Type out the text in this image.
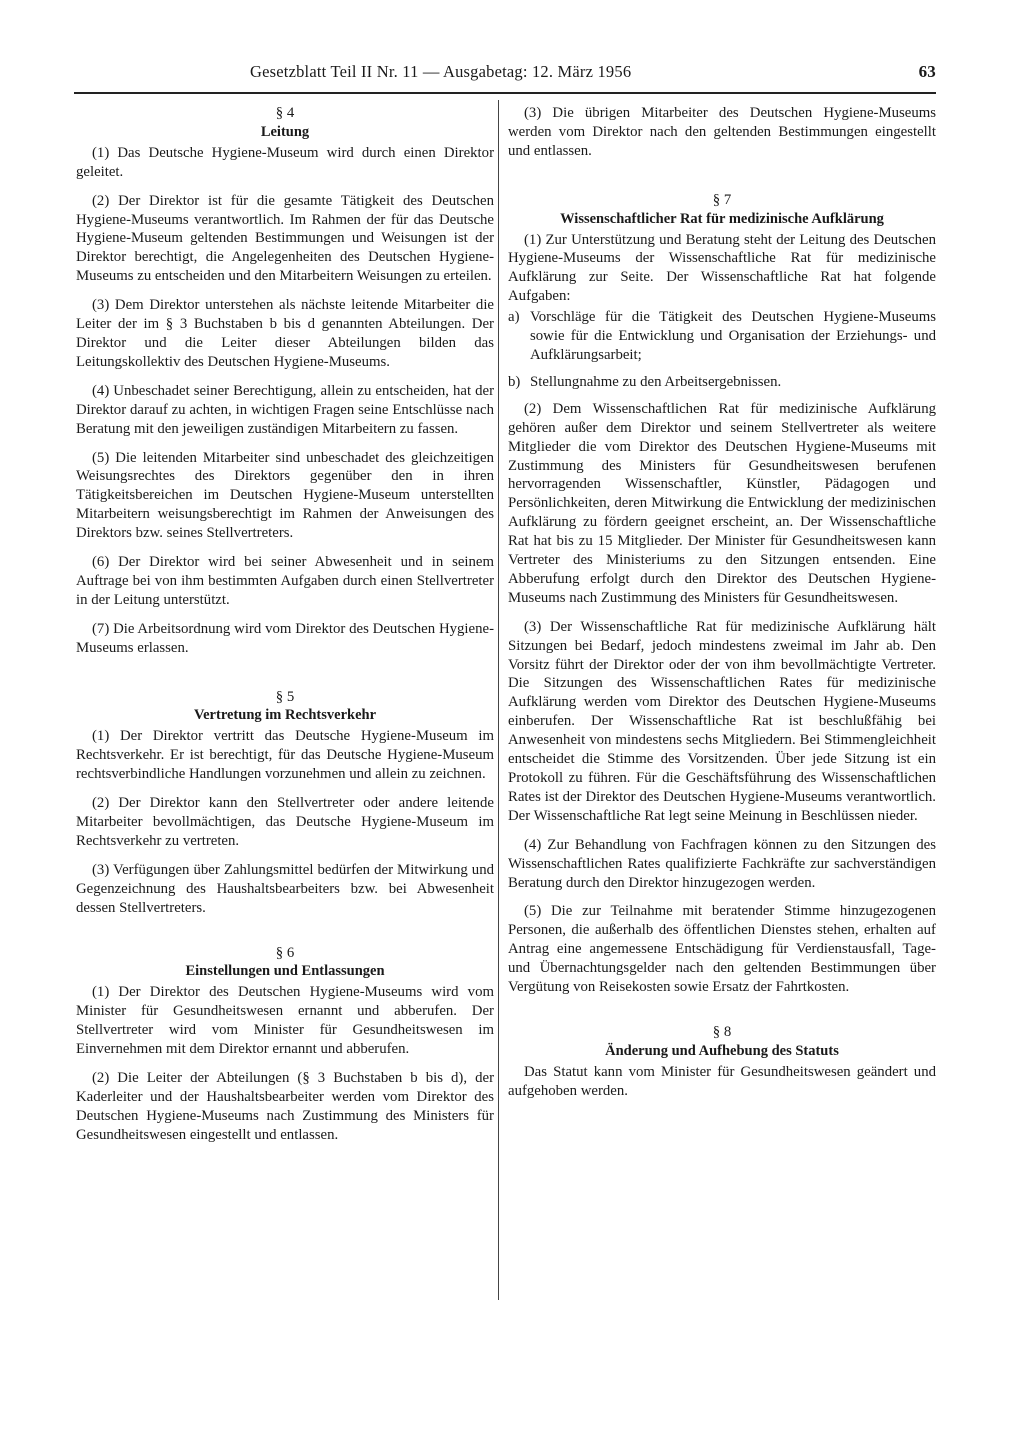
Gesetzblatt Teil II Nr. 11 — Ausgabetag: 12. März 1956	63

§ 4

Leitung

(1) Das Deutsche Hygiene-Museum wird durch einen Direktor geleitet.

(2) Der Direktor ist für die gesamte Tätigkeit des Deutschen Hygiene-Museums verantwortlich. Im Rahmen der für das Deutsche Hygiene-Museum geltenden Bestimmungen und Weisungen ist der Direktor berechtigt, die Angelegenheiten des Deutschen Hygiene-Museums zu entscheiden und den Mitarbeitern Weisungen zu erteilen.

(3) Dem Direktor unterstehen als nächste leitende Mitarbeiter die Leiter der im § 3 Buchstaben b bis d genannten Abteilungen. Der Direktor und die Leiter dieser Abteilungen bilden das Leitungskollektiv des Deutschen Hygiene-Museums.

(4) Unbeschadet seiner Berechtigung, allein zu entscheiden, hat der Direktor darauf zu achten, in wichtigen Fragen seine Entschlüsse nach Beratung mit den jeweiligen zuständigen Mitarbeitern zu fassen.

(5) Die leitenden Mitarbeiter sind unbeschadet des gleichzeitigen Weisungsrechtes des Direktors gegenüber den in ihren Tätigkeitsbereichen im Deutschen Hygiene-Museum unterstellten Mitarbeitern weisungsberechtigt im Rahmen der Anweisungen des Direktors bzw. seines Stellvertreters.

(6) Der Direktor wird bei seiner Abwesenheit und in seinem Auftrage bei von ihm bestimmten Aufgaben durch einen Stellvertreter in der Leitung unterstützt.

(7) Die Arbeitsordnung wird vom Direktor des Deutschen Hygiene-Museums erlassen.

§ 5

Vertretung im Rechtsverkehr

(1) Der Direktor vertritt das Deutsche Hygiene-Museum im Rechtsverkehr. Er ist berechtigt, für das Deutsche Hygiene-Museum rechtsverbindliche Handlungen vorzunehmen und allein zu zeichnen.

(2) Der Direktor kann den Stellvertreter oder andere leitende Mitarbeiter bevollmächtigen, das Deutsche Hygiene-Museum im Rechtsverkehr zu vertreten.

(3) Verfügungen über Zahlungsmittel bedürfen der Mitwirkung und Gegenzeichnung des Haushaltsbearbeiters bzw. bei Abwesenheit dessen Stellvertreters.

§ 6

Einstellungen und Entlassungen

(1) Der Direktor des Deutschen Hygiene-Museums wird vom Minister für Gesundheitswesen ernannt und abberufen. Der Stellvertreter wird vom Minister für Gesundheitswesen im Einvernehmen mit dem Direktor ernannt und abberufen.

(2) Die Leiter der Abteilungen (§ 3 Buchstaben b bis d), der Kaderleiter und der Haushaltsbearbeiter werden vom Direktor des Deutschen Hygiene-Museums nach Zustimmung des Ministers für Gesundheitswesen eingestellt und entlassen.

(3) Die übrigen Mitarbeiter des Deutschen Hygiene-Museums werden vom Direktor nach den geltenden Bestimmungen eingestellt und entlassen.

§ 7

Wissenschaftlicher Rat für medizinische Aufklärung

(1) Zur Unterstützung und Beratung steht der Leitung des Deutschen Hygiene-Museums der Wissenschaftliche Rat für medizinische Aufklärung zur Seite. Der Wissenschaftliche Rat hat folgende Aufgaben:

a) Vorschläge für die Tätigkeit des Deutschen Hygiene-Museums sowie für die Entwicklung und Organisation der Erziehungs- und Aufklärungsarbeit;
b) Stellungnahme zu den Arbeitsergebnissen.

(2) Dem Wissenschaftlichen Rat für medizinische Aufklärung gehören außer dem Direktor und seinem Stellvertreter als weitere Mitglieder die vom Direktor des Deutschen Hygiene-Museums mit Zustimmung des Ministers für Gesundheitswesen berufenen hervorragenden Wissenschaftler, Künstler, Pädagogen und Persönlichkeiten, deren Mitwirkung die Entwicklung der medizinischen Aufklärung zu fördern geeignet erscheint, an. Der Wissenschaftliche Rat hat bis zu 15 Mitglieder. Der Minister für Gesundheitswesen kann Vertreter des Ministeriums zu den Sitzungen entsenden. Eine Abberufung erfolgt durch den Direktor des Deutschen Hygiene-Museums nach Zustimmung des Ministers für Gesundheitswesen.

(3) Der Wissenschaftliche Rat für medizinische Aufklärung hält Sitzungen bei Bedarf, jedoch mindestens zweimal im Jahr ab. Den Vorsitz führt der Direktor oder der von ihm bevollmächtigte Vertreter. Die Sitzungen des Wissenschaftlichen Rates für medizinische Aufklärung werden vom Direktor des Deutschen Hygiene-Museums einberufen. Der Wissenschaftliche Rat ist beschlußfähig bei Anwesenheit von mindestens sechs Mitgliedern. Bei Stimmengleichheit entscheidet die Stimme des Vorsitzenden. Über jede Sitzung ist ein Protokoll zu führen. Für die Geschäftsführung des Wissenschaftlichen Rates ist der Direktor des Deutschen Hygiene-Museums verantwortlich. Der Wissenschaftliche Rat legt seine Meinung in Beschlüssen nieder.

(4) Zur Behandlung von Fachfragen können zu den Sitzungen des Wissenschaftlichen Rates qualifizierte Fachkräfte zur sachverständigen Beratung durch den Direktor hinzugezogen werden.

(5) Die zur Teilnahme mit beratender Stimme hinzugezogenen Personen, die außerhalb des öffentlichen Dienstes stehen, erhalten auf Antrag eine angemessene Entschädigung für Verdienstausfall, Tage- und Übernachtungsgelder nach den geltenden Bestimmungen über Vergütung von Reisekosten sowie Ersatz der Fahrtkosten.

§ 8

Änderung und Aufhebung des Statuts

Das Statut kann vom Minister für Gesundheitswesen geändert und aufgehoben werden.
